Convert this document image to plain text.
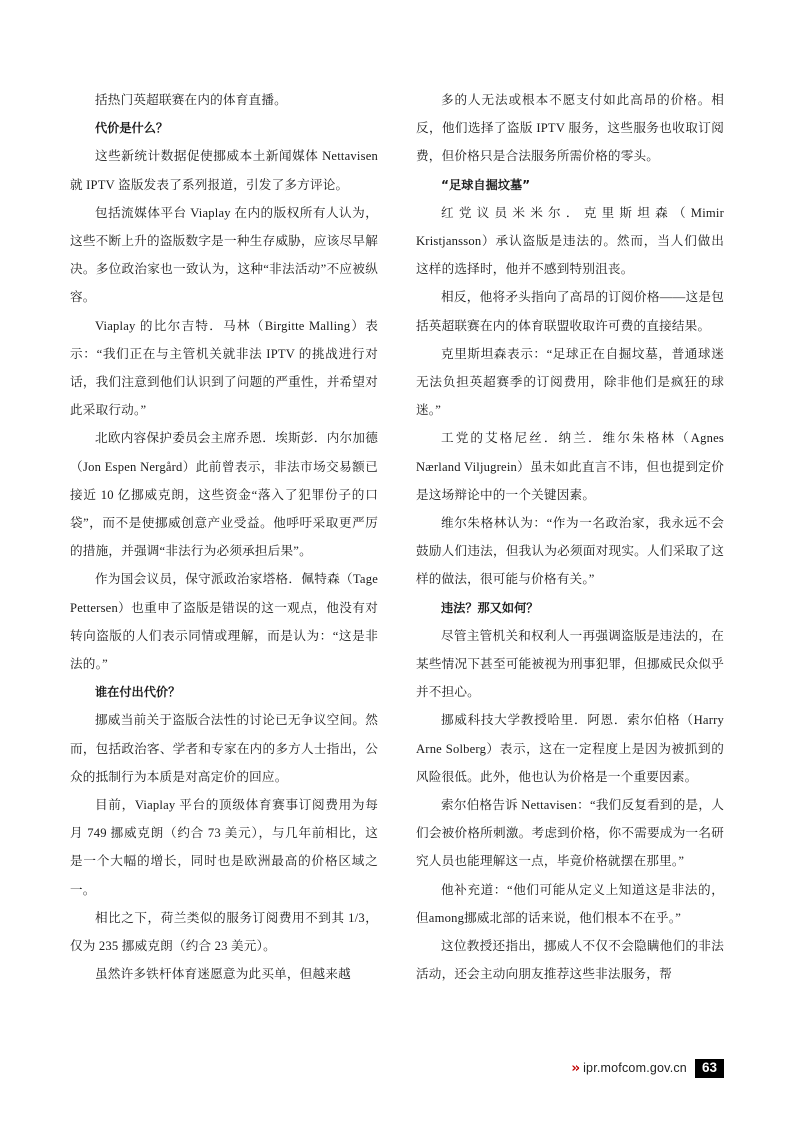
括热门英超联赛在内的体育直播。

代价是什么？

这些新统计数据促使挪威本土新闻媒体 Nettavisen 就 IPTV 盗版发表了系列报道，引发了多方评论。

包括流媒体平台 Viaplay 在内的版权所有人认为，这些不断上升的盗版数字是一种生存威胁，应该尽早解决。多位政治家也一致认为，这种“非法活动”不应被纵容。

Viaplay 的比尔吉特．马林（Birgitte Malling）表示：“我们正在与主管机关就非法 IPTV 的挑战进行对话，我们注意到他们认识到了问题的严重性，并希望对此采取行动。”

北欧内容保护委员会主席乔恩．埃斯彭．内尔加德（Jon Espen Nergård）此前曾表示，非法市场交易额已接近 10 亿挪威克朗，这些资金“落入了犯罪份子的口袋”，而不是使挪威创意产业受益。他呼吁采取更严厉的措施，并强调“非法行为必须承担后果”。

作为国会议员，保守派政治家塔格．佩特森（Tage Pettersen）也重申了盗版是错误的这一观点，他没有对转向盗版的人们表示同情或理解，而是认为：“这是非法的。”

谁在付出代价？

挪威当前关于盗版合法性的讨论已无争议空间。然而，包括政治客、学者和专家在内的多方人士指出，公众的抵制行为本质是对高定价的回应。

目前，Viaplay 平台的顶级体育赛事订阅费用为每月 749 挪威克朗（约合 73 美元），与几年前相比，这是一个大幅的增长，同时也是欧洲最高的价格区域之一。

相比之下，荷兰类似的服务订阅费用不到其 1/3，仅为 235 挪威克朗（约合 23 美元）。

虽然许多铁杆体育迷愿意为此买单，但越来越

多的人无法或根本不愿支付如此高昂的价格。相反，他们选择了盗版 IPTV 服务，这些服务也收取订阅费，但价格只是合法服务所需价格的零头。

“足球自掘坟墓”

红党议员米米尔．克里斯坦森（Mimir Kristjansson）承认盗版是违法的。然而，当人们做出这样的选择时，他并不感到特别沮丧。

相反，他将矛头指向了高昂的订阅价格——这是包括英超联赛在内的体育联盟收取许可费的直接结果。

克里斯坦森表示：“足球正在自掘坟墓，普通球迷无法负担英超赛季的订阅费用，除非他们是疯狂的球迷。”

工党的艾格尼丝．纳兰．维尔朱格林（Agnes Nærland Viljugrein）虽未如此直言不讳，但也提到定价是这场辩论中的一个关键因素。

维尔朱格林认为：“作为一名政治家，我永远不会鼓励人们违法，但我认为必须面对现实。人们采取了这样的做法，很可能与价格有关。”

违法？那又如何？

尽管主管机关和权利人一再强调盗版是违法的，在某些情况下甚至可能被视为刑事犯罪，但挪威民众似乎并不担心。

挪威科技大学教授哈里．阿恩．索尔伯格（Harry Arne Solberg）表示，这在一定程度上是因为被抓到的风险很低。此外，他也认为价格是一个重要因素。

索尔伯格告诉 Nettavisen：“我们反复看到的是，人们会被价格所刺激。考虑到价格，你不需要成为一名研究人员也能理解这一点，毕竟价格就摆在那里。”

他补充道：“他们可能从定义上知道这是非法的，但among挪威北部的话来说，他们根本不在乎。”

这位教授还指出，挪威人不仅不会隐瞒他们的非法活动，还会主动向朋友推荐这些非法服务，帮

›› ipr.mofcom.gov.cn	63
